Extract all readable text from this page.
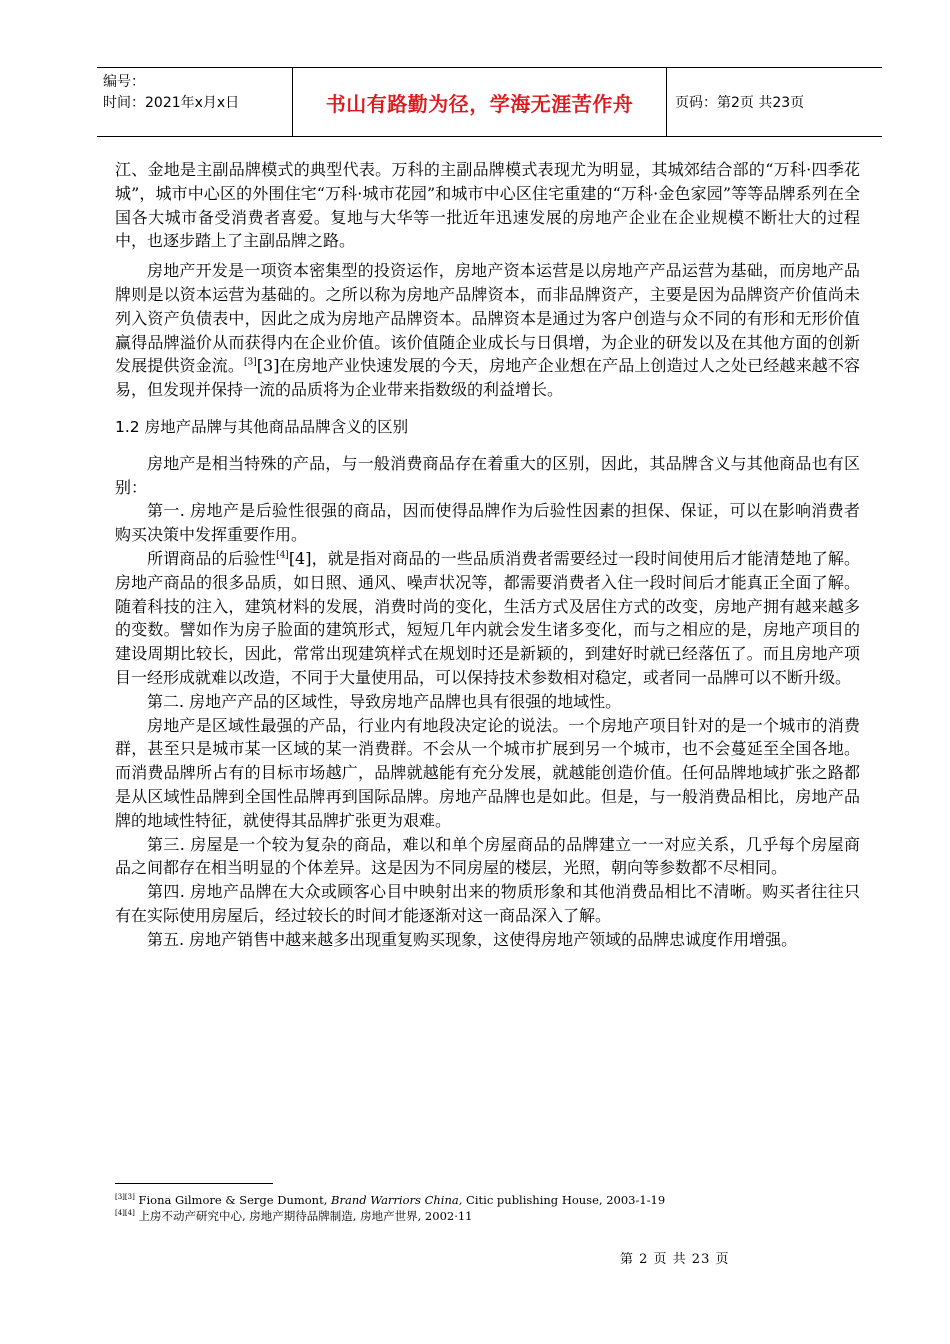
编号：
时间：2021年x月x日	书山有路勤为径，学海无涯苦作舟	页码：第2页 共23页

江、金地是主副品牌模式的典型代表。万科的主副品牌模式表现尤为明显，其城郊结合部的“万科·四季花城”，城市中心区的外围住宅“万科·城市花园”和城市中心区住宅重建的“万科·金色家园”等等品牌系列在全国各大城市备受消费者喜爱。复地与大华等一批近年迅速发展的房地产企业在企业规模不断壮大的过程中，也逐步踏上了主副品牌之路。

房地产开发是一项资本密集型的投资运作，房地产资本运营是以房地产产品运营为基础，而房地产品牌则是以资本运营为基础的。之所以称为房地产品牌资本，而非品牌资产，主要是因为品牌资产价值尚未列入资产负债表中，因此之成为房地产品牌资本。品牌资本是通过为客户创造与众不同的有形和无形价值赢得品牌溢价从而获得内在企业价值。该价值随企业成长与日俱增，为企业的研发以及在其他方面的创新发展提供资金流。[3][3]在房地产业快速发展的今天，房地产企业想在产品上创造过人之处已经越来越不容易，但发现并保持一流的品质将为企业带来指数级的利益增长。

1.2 房地产品牌与其他商品品牌含义的区别

房地产是相当特殊的产品，与一般消费商品存在着重大的区别，因此，其品牌含义与其他商品也有区别：

第一. 房地产是后验性很强的商品，因而使得品牌作为后验性因素的担保、保证，可以在影响消费者购买决策中发挥重要作用。

所谓商品的后验性[4][4]，就是指对商品的一些品质消费者需要经过一段时间使用后才能清楚地了解。房地产商品的很多品质，如日照、通风、噪声状况等，都需要消费者入住一段时间后才能真正全面了解。随着科技的注入，建筑材料的发展，消费时尚的变化，生活方式及居住方式的改变，房地产拥有越来越多的变数。譬如作为房子脸面的建筑形式，短短几年内就会发生诸多变化，而与之相应的是，房地产项目的建设周期比较长，因此，常常出现建筑样式在规划时还是新颖的，到建好时就已经落伍了。而且房地产项目一经形成就难以改造，不同于大量使用品，可以保持技术参数相对稳定，或者同一品牌可以不断升级。

第二. 房地产产品的区域性，导致房地产品牌也具有很强的地域性。

房地产是区域性最强的产品，行业内有地段决定论的说法。一个房地产项目针对的是一个城市的消费群，甚至只是城市某一区域的某一消费群。不会从一个城市扩展到另一个城市，也不会蔓延至全国各地。而消费品牌所占有的目标市场越广，品牌就越能有充分发展，就越能创造价值。任何品牌地域扩张之路都是从区域性品牌到全国性品牌再到国际品牌。房地产品牌也是如此。但是，与一般消费品相比，房地产品牌的地域性特征，就使得其品牌扩张更为艰难。

第三. 房屋是一个较为复杂的商品，难以和单个房屋商品的品牌建立一一对应关系，几乎每个房屋商品之间都存在相当明显的个体差异。这是因为不同房屋的楼层，光照，朝向等参数都不尽相同。

第四. 房地产品牌在大众或顾客心目中映射出来的物质形象和其他消费品相比不清晰。购买者往往只有在实际使用房屋后，经过较长的时间才能逐渐对这一商品深入了解。

第五. 房地产销售中越来越多出现重复购买现象，这使得房地产领域的品牌忠诚度作用增强。

[3][3] Fiona Gilmore & Serge Dumont, Brand Warriors China, Citic publishing House, 2003-1-19
[4][4] 上房不动产研究中心, 房地产期待品牌制造, 房地产世界, 2002·11
第 2 页 共 23 页
